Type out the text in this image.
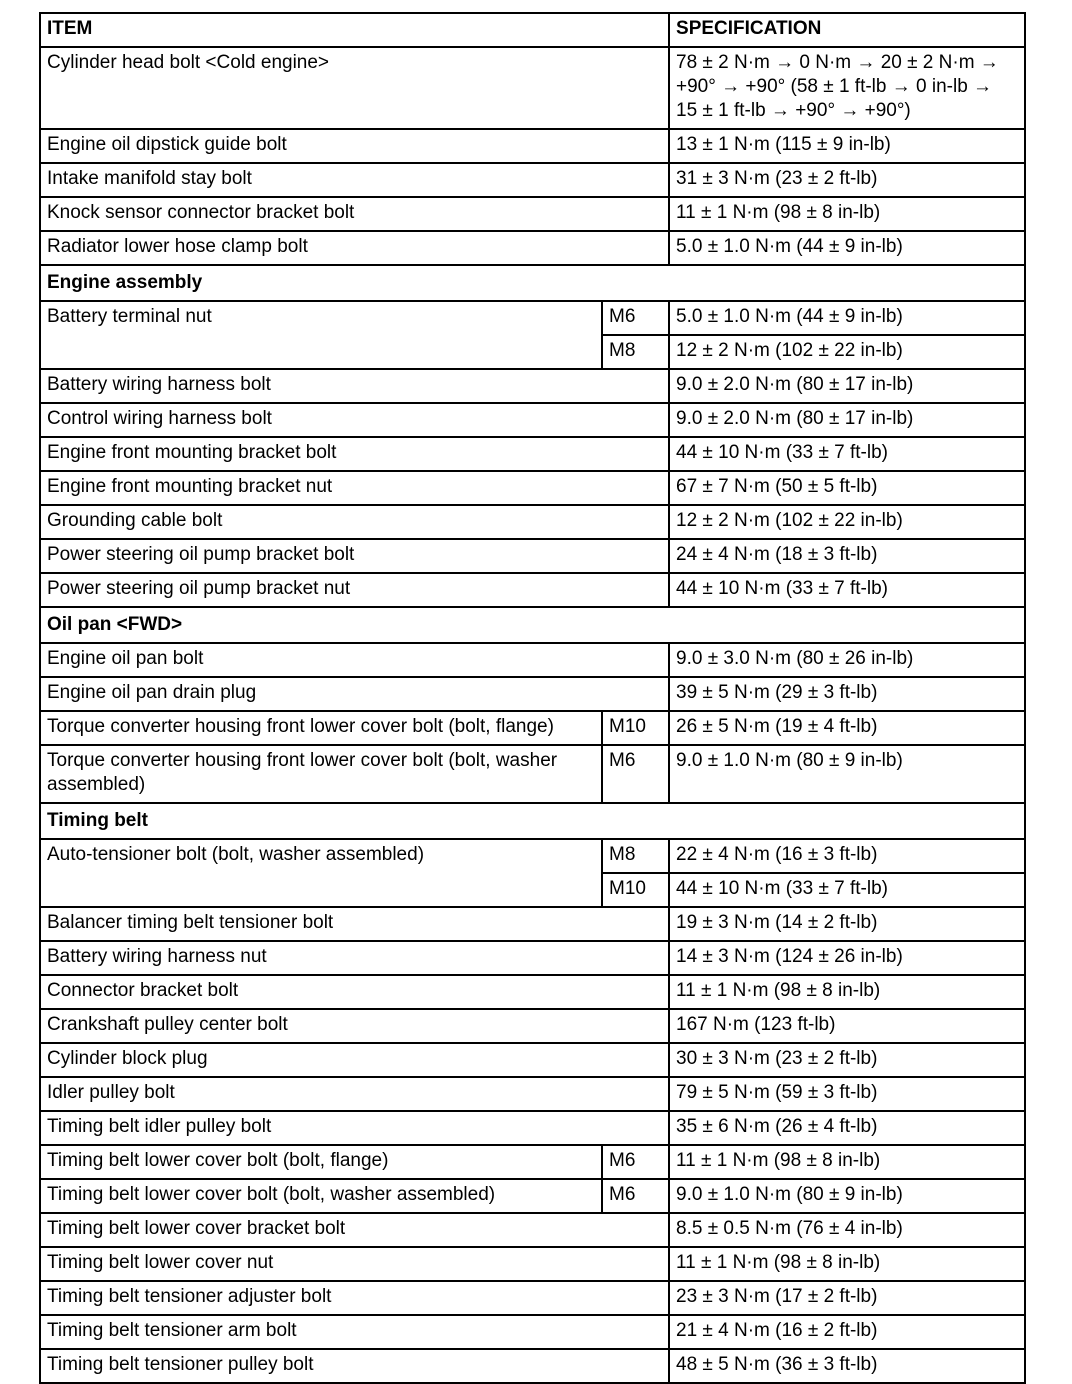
ITEM		SPECIFICATION
Cylinder head bolt <Cold engine>		78 ± 2 N·m → 0 N·m → 20 ± 2 N·m → +90° → +90° (58 ± 1 ft-lb → 0 in-lb → 15 ± 1 ft-lb → +90° → +90°)
Engine oil dipstick guide bolt		13 ± 1 N·m (115 ± 9 in-lb)
Intake manifold stay bolt		31 ± 3 N·m (23 ± 2 ft-lb)
Knock sensor connector bracket bolt		11 ± 1 N·m (98 ± 8 in-lb)
Radiator lower hose clamp bolt		5.0 ± 1.0 N·m (44 ± 9 in-lb)
Engine assembly		
Battery terminal nut	M6	5.0 ± 1.0 N·m (44 ± 9 in-lb)
	M8	12 ± 2 N·m (102 ± 22 in-lb)
Battery wiring harness bolt		9.0 ± 2.0 N·m (80 ± 17 in-lb)
Control wiring harness bolt		9.0 ± 2.0 N·m (80 ± 17 in-lb)
Engine front mounting bracket bolt		44 ± 10 N·m (33 ± 7 ft-lb)
Engine front mounting bracket nut		67 ± 7 N·m (50 ± 5 ft-lb)
Grounding cable bolt		12 ± 2 N·m (102 ± 22 in-lb)
Power steering oil pump bracket bolt		24 ± 4 N·m (18 ± 3 ft-lb)
Power steering oil pump bracket nut		44 ± 10 N·m (33 ± 7 ft-lb)
Oil pan <FWD>		
Engine oil pan bolt		9.0 ± 3.0 N·m (80 ± 26 in-lb)
Engine oil pan drain plug		39 ± 5 N·m (29 ± 3 ft-lb)
Torque converter housing front lower cover bolt (bolt, flange)	M10	26 ± 5 N·m (19 ± 4 ft-lb)
Torque converter housing front lower cover bolt (bolt, washer assembled)	M6	9.0 ± 1.0 N·m (80 ± 9 in-lb)
Timing belt		
Auto-tensioner bolt (bolt, washer assembled)	M8	22 ± 4 N·m (16 ± 3 ft-lb)
	M10	44 ± 10 N·m (33 ± 7 ft-lb)
Balancer timing belt tensioner bolt		19 ± 3 N·m (14 ± 2 ft-lb)
Battery wiring harness nut		14 ± 3 N·m (124 ± 26 in-lb)
Connector bracket bolt		11 ± 1 N·m (98 ± 8 in-lb)
Crankshaft pulley center bolt		167 N·m (123 ft-lb)
Cylinder block plug		30 ± 3 N·m (23 ± 2 ft-lb)
Idler pulley bolt		79 ± 5 N·m (59 ± 3 ft-lb)
Timing belt idler pulley bolt		35 ± 6 N·m (26 ± 4 ft-lb)
Timing belt lower cover bolt (bolt, flange)	M6	11 ± 1 N·m (98 ± 8 in-lb)
Timing belt lower cover bolt (bolt, washer assembled)	M6	9.0 ± 1.0 N·m (80 ± 9 in-lb)
Timing belt lower cover bracket bolt		8.5 ± 0.5 N·m (76 ± 4 in-lb)
Timing belt lower cover nut		11 ± 1 N·m (98 ± 8 in-lb)
Timing belt tensioner adjuster bolt		23 ± 3 N·m (17 ± 2 ft-lb)
Timing belt tensioner arm bolt		21 ± 4 N·m (16 ± 2 ft-lb)
Timing belt tensioner pulley bolt		48 ± 5 N·m (36 ± 3 ft-lb)
